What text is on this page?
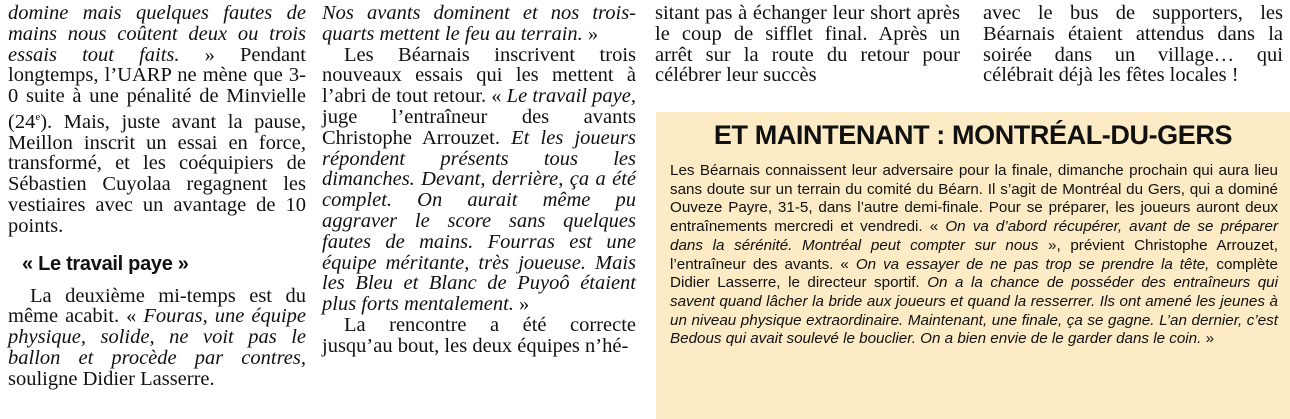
domine mais quelques fautes de mains nous coûtent deux ou trois essais tout faits. » Pendant longtemps, l’UARP ne mène que 3-0 suite à une pénalité de Minvielle (24e). Mais, juste avant la pause, Meillon inscrit un essai en force, transformé, et les coéquipiers de Sébastien Cuyolaa regagnent les vestiaires avec un avantage de 10 points.

« Le travail paye »

La deuxième mi-temps est du même acabit. « Fouras, une équipe physique, solide, ne voit pas le ballon et procède par contres, souligne Didier Lasserre.

Nos avants dominent et nos trois-quarts mettent le feu au terrain. »

Les Béarnais inscrivent trois nouveaux essais qui les mettent à l’abri de tout retour. « Le travail paye, juge l’entraîneur des avants Christophe Arrouzet. Et les joueurs répondent présents tous les dimanches. Devant, derrière, ça a été complet. On aurait même pu aggraver le score sans quelques fautes de mains. Fourras est une équipe méritante, très joueuse. Mais les Bleu et Blanc de Puyoô étaient plus forts mentalement. »

La rencontre a été correcte jusqu’au bout, les deux équipes n’hé-

sitant pas à échanger leur short après le coup de sifflet final. Après un arrêt sur la route du retour pour célébrer leur succès

avec le bus de supporters, les Béarnais étaient attendus dans la soirée dans un village… qui célébrait déjà les fêtes locales !

ET MAINTENANT : MONTRÉAL-DU-GERS
Les Béarnais connaissent leur adversaire pour la finale, dimanche prochain qui aura lieu sans doute sur un terrain du comité du Béarn. Il s’agit de Montréal du Gers, qui a dominé Ouveze Payre, 31-5, dans l’autre demi-finale. Pour se préparer, les joueurs auront deux entraînements mercredi et vendredi. « On va d’abord récupérer, avant de se préparer dans la sérénité. Montréal peut compter sur nous », prévient Christophe Arrouzet, l’entraîneur des avants. « On va essayer de ne pas trop se prendre la tête, complète Didier Lasserre, le directeur sportif. On a la chance de posséder des entraîneurs qui savent quand lâcher la bride aux joueurs et quand la resserrer. Ils ont amené les jeunes à un niveau physique extraordinaire. Maintenant, une finale, ça se gagne. L’an dernier, c’est Bedous qui avait soulevé le bouclier. On a bien envie de le garder dans le coin. »
